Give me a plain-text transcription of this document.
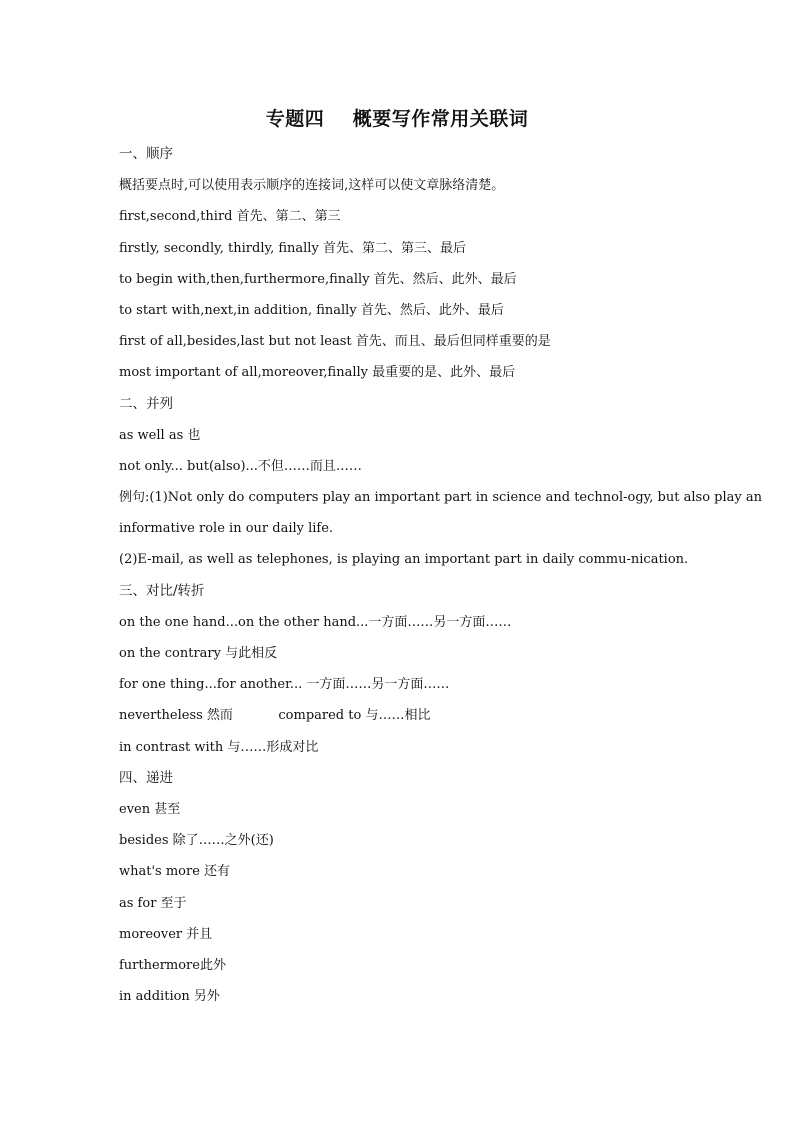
专题四    概要写作常用关联词
一、顺序
概括要点时,可以使用表示顺序的连接词,这样可以使文章脉络清楚。
first,second,third 首先、第二、第三
firstly, secondly, thirdly, finally 首先、第二、第三、最后
to begin with,then,furthermore,finally 首先、然后、此外、最后
to start with,next,in addition, finally 首先、然后、此外、最后
first of all,besides,last but not least 首先、而且、最后但同样重要的是
most important of all,moreover,finally 最重要的是、此外、最后
二、并列
as well as 也
not only... but(also)...不但……而且……
例句:(1)Not only do computers play an important part in science and technol-ogy, but also play an
informative role in our daily life.
(2)E-mail, as well as telephones, is playing an important part in daily commu-nication.
三、对比/转折
on the one hand...on the other hand...一方面……另一方面……
on the contrary 与此相反
for one thing...for another... 一方面……另一方面……
nevertheless 然而           compared to 与……相比
in contrast with 与……形成对比
四、递进
even 甚至
besides 除了……之外(还)
what's more 还有
as for 至于
moreover 并且
furthermore此外
in addition 另外
